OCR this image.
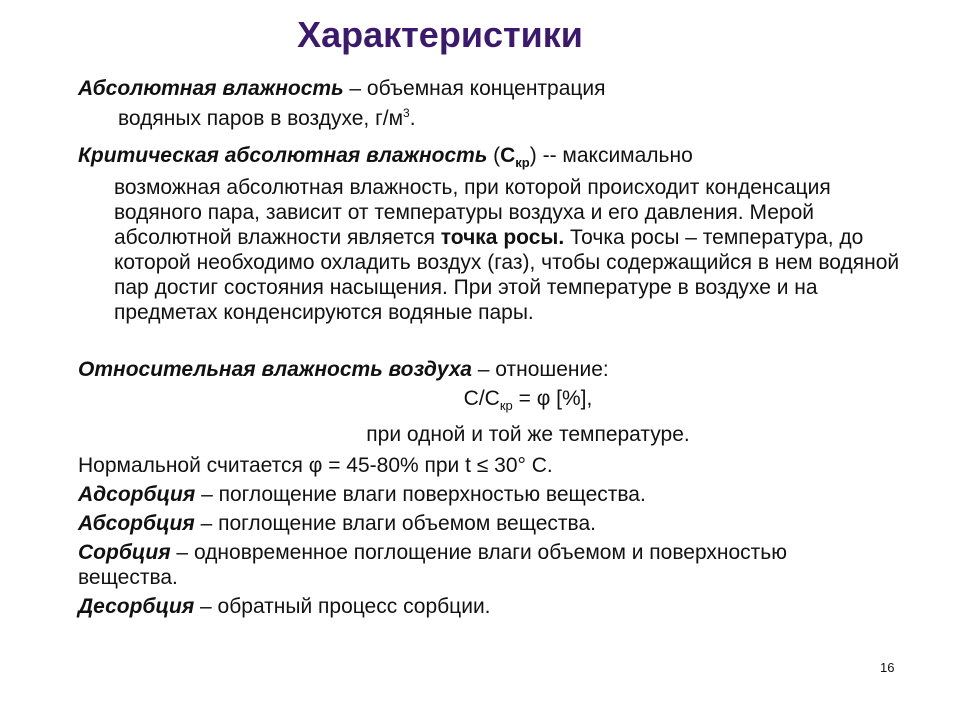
Характеристики

Абсолютная влажность – объемная концентрация

водяных паров в воздухе, $г/м^3$.

Критическая абсолютная влажность $(С_{кр})$ -- максимально

возможная абсолютная влажность, при которой происходит конденсация водяного пара, зависит от температуры воздуха и его давления. Мерой абсолютной влажности является точка росы. Точка росы – температура, до которой необходимо охладить воздух (газ), чтобы содержащийся в нем водяной пар достиг состояния насыщения. При этой температуре в воздухе и на предметах конденсируются водяные пары.

Относительная влажность воздуха – отношение:

$С/С_{кр} = \varphi$ [%],

при одной и той же температуре.

Нормальной считается φ = 45-80% при t ≤ 30° С.

Адсорбция – поглощение влаги поверхностью вещества.

Абсорбция – поглощение влаги объемом вещества.

Сорбция – одновременное поглощение влаги объемом и поверхностью вещества.

Десорбция – обратный процесс сорбции.

16
